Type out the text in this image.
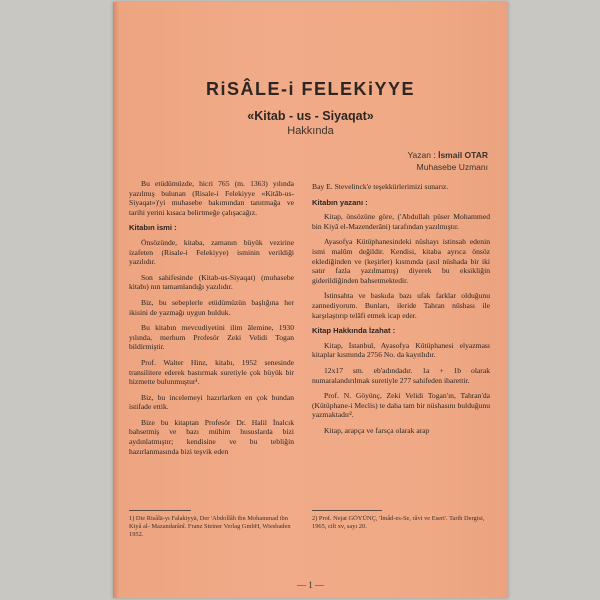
RiSÂLE-i FELEKiYYE
«Kitab - us - Siyaqat»
Hakkında
Yazan : İsmail OTAR
Muhasebe Uzmanı

Bu etüdümüzde, hicri 765 (m. 1363) yılında yazılmış bulunan (Risale-i Felekiyye «Kitâb-us-Siyaqat»)'yi muhasebe bakımından tanıtmağa ve tarihi yerini kısaca belirtmeğe çalışacağız.

Kitabın ismi :

Önsözünde, kitaba, zamanın büyük vezirine izafeten (Risale-i Felekiyye) isminin verildiği yazılıdır.

Son sahifesinde (Kitab-us-Siyaqat) (muhasebe kitabı) nın tamamlandığı yazılıdır.

Biz, bu sebeplerle etüdümüzün başlığına her ikisini de yazmağı uygun bulduk.

Bu kitabın mevcudiyetini ilim âlemine, 1930 yılında, merhum Profesör Zeki Velidi Togan bildirmiştir.

Prof. Walter Hinz, kitabı, 1952 senesinde transilitere ederek bastırmak suretiyle çok büyük bir hizmette bulunmuştur¹.

Biz, bu incelemeyi hazırlarken en çok bundan istifade ettik.

Bize bu kitaptan Profesör Dr. Halil İnalcık bahsetmiş ve bazı mühim hususlarda bizi aydınlatmıştır; kendisine ve bu tebliğin hazırlanmasında bizi teşvik eden

Bay E. Stevelinck'e teşekkürlerimizi sunarız.

Kitabın yazanı :

Kitap, önsözüne göre, ('Abdullah püser Mohammed bin Kiyâ el-Mazenderâni) tarafından yazılmıştır.

Ayasofya Kütüphanesindeki nüshayı istinsah edenin ismi malûm değildir. Kendisi, kitaba ayrıca önsöz eklediğinden ve (keşirler) kısmında (asıl nüshada bir iki satır fazla yazılmamış) diyerek bu eksikliğin giderildiğinden bahsetmektedir.

İstinsahta ve baskıda bazı ufak farklar olduğunu zannediyorum. Bunları, ileride Tahran nüshası ile karşılaştırıp telâfi etmek icap eder.

Kitap Hakkında İzahat :

Kitap, İstanbul, Ayasofya Kütüphanesi elyazması kitaplar kısmında 2756 No. da kayıtlıdır.

12x17 sm. eb'adındadır. 1a + 1b olarak numaralandırılmak suretiyle 277 sahifeden ibarettir.

Prof. N. Göyünç, Zeki Velidi Togan'ın, Tahran'da (Kütüphane-i Meclis) te daha tam bir nüshasını bulduğunu yazmaktadır².

Kitap, arapça ve farsça olarak arap

1) Die Risâlä-yı Falakiyyä, Der 'Abdollâh ibn Mohammad ibn Kiyâ al- Mazandarânî. Franz Steiner Verlag GmbH, Wiesbaden 1952.
2) Prof. Nejat GÖYÜNÇ, 'İmâd-es-Se, râvi ve Eseri'. Tarih Dergisi, 1965, cilt xv, sayı 20.
— 1 —
